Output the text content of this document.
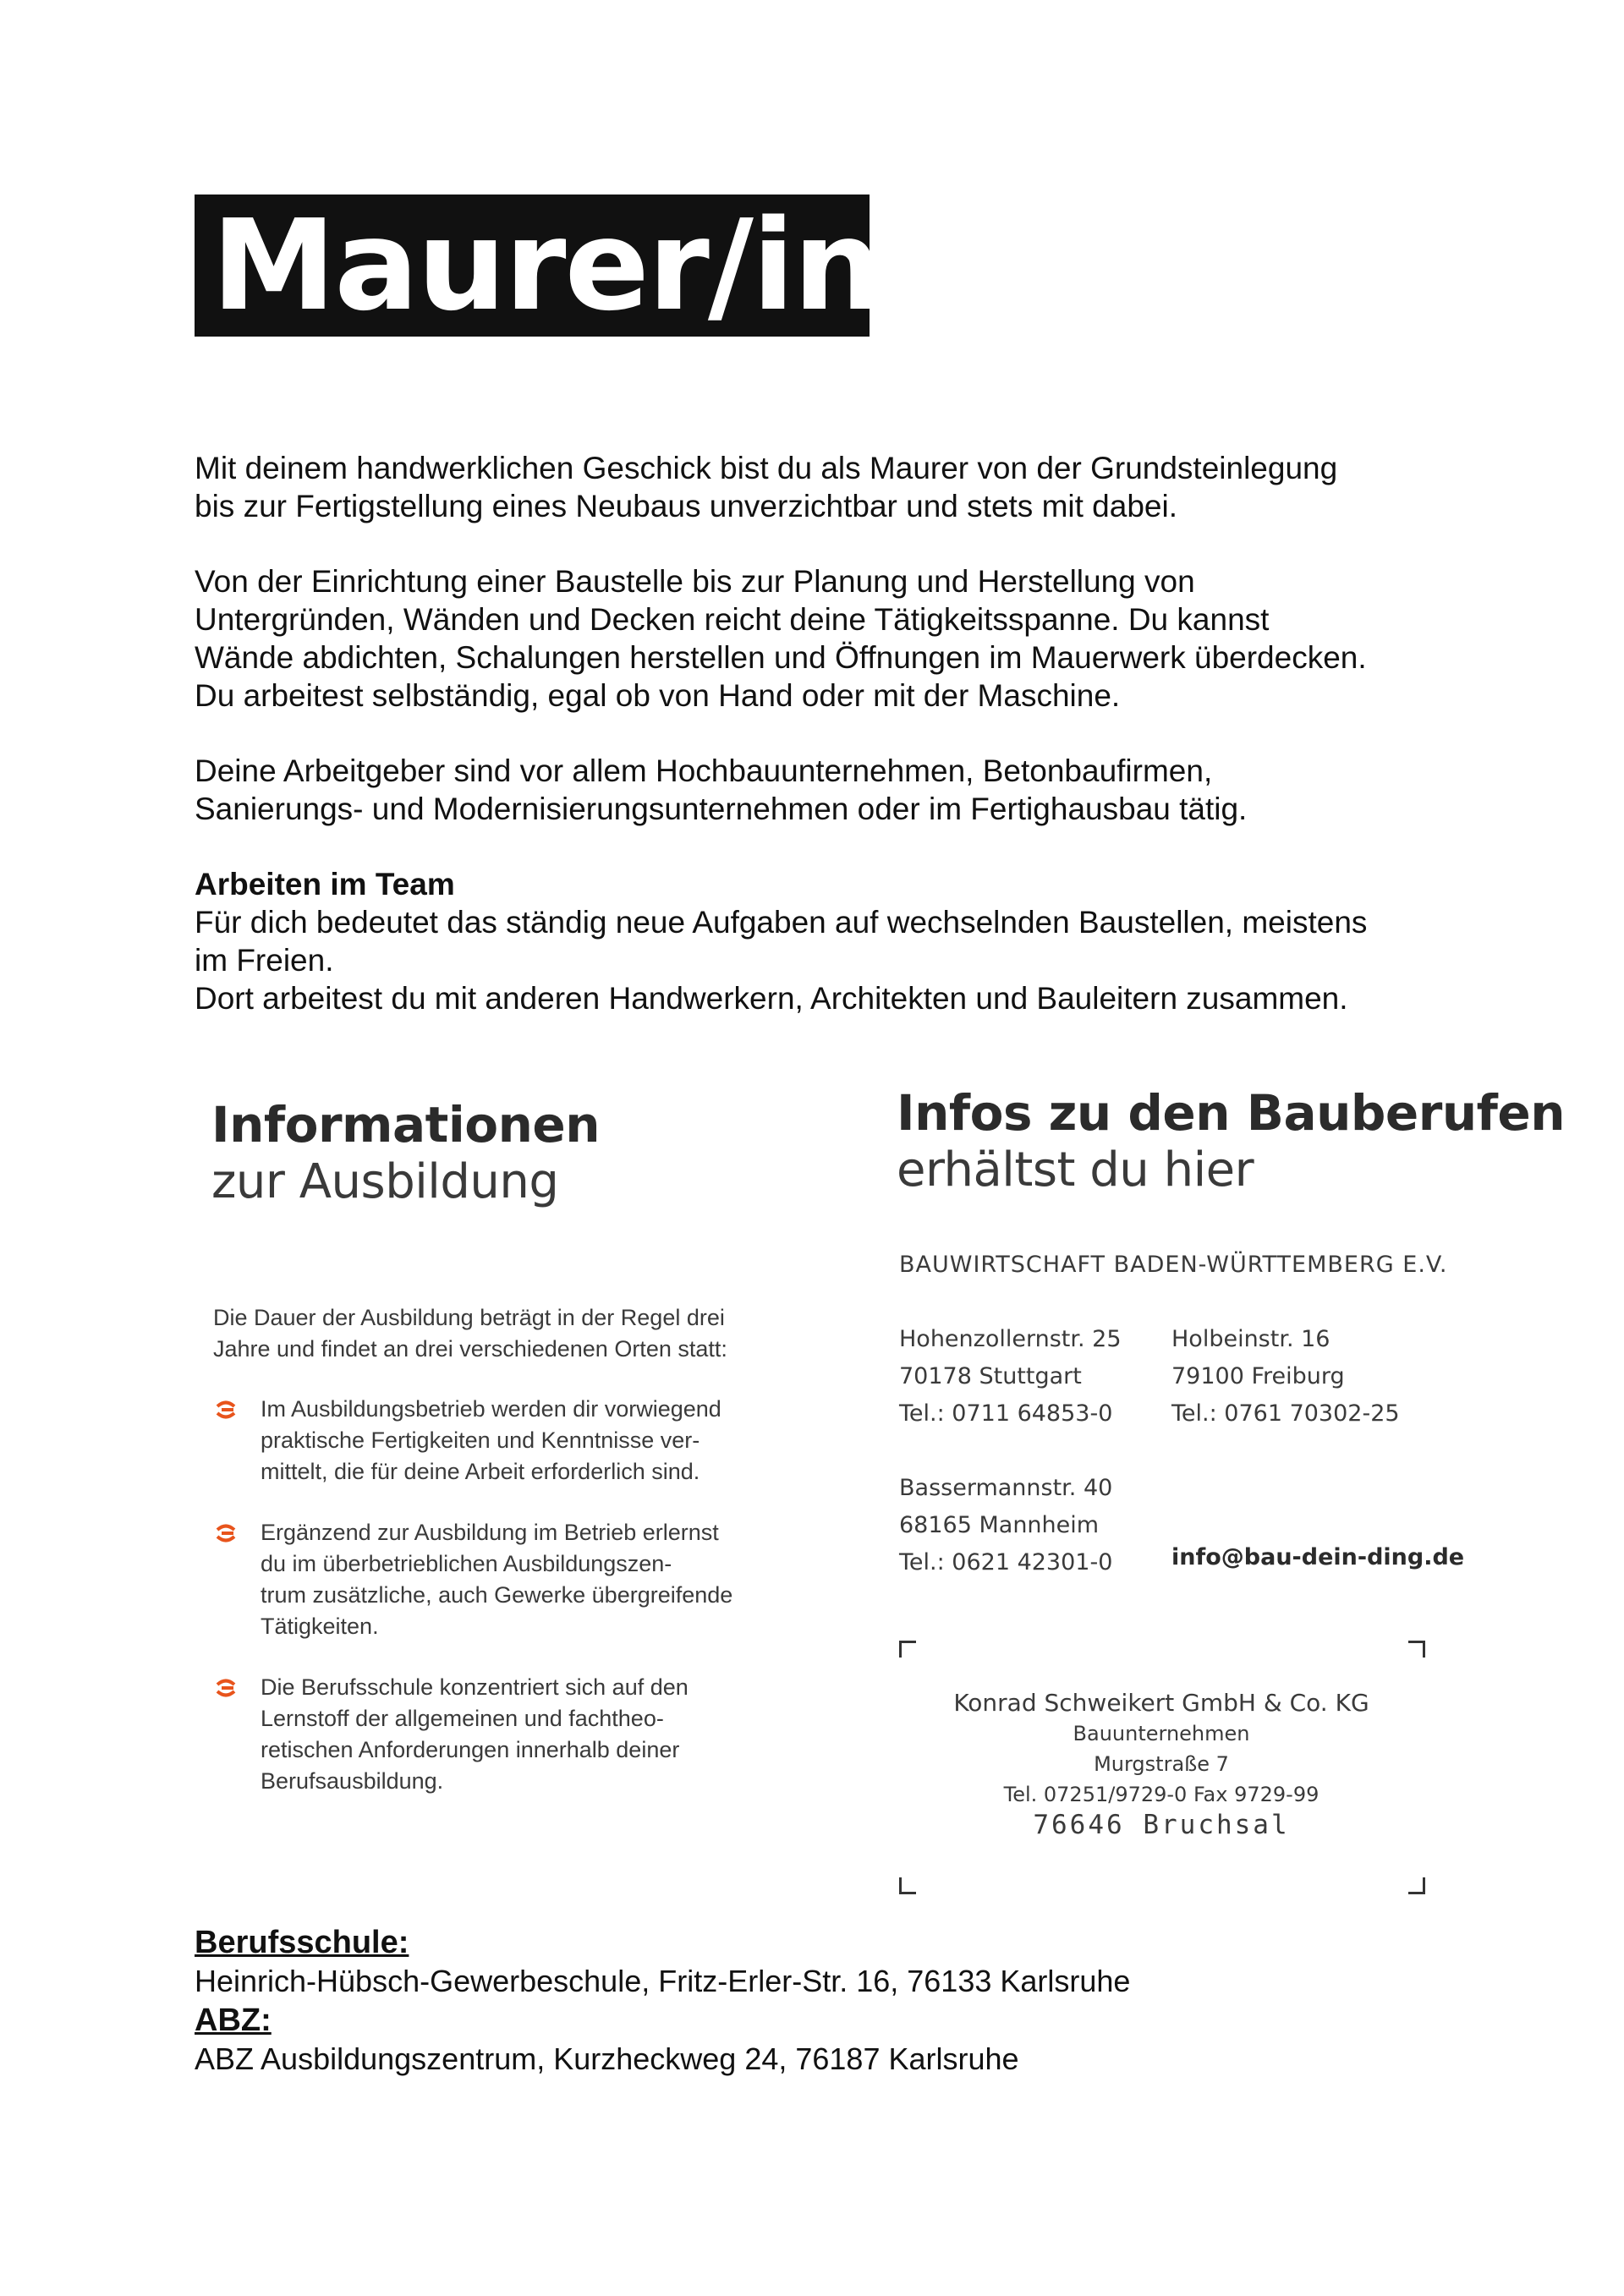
Maurer/in

Mit deinem handwerklichen Geschick bist du als Maurer von der Grundsteinlegung

bis zur Fertigstellung eines Neubaus unverzichtbar und stets mit dabei.

Von der Einrichtung einer Baustelle bis zur Planung und Herstellung von

Untergründen, Wänden und Decken reicht deine Tätigkeitsspanne. Du kannst

Wände abdichten, Schalungen herstellen und Öffnungen im Mauerwerk überdecken.

Du arbeitest selbständig, egal ob von Hand oder mit der Maschine.

Deine Arbeitgeber sind vor allem Hochbauunternehmen, Betonbaufirmen,

Sanierungs- und Modernisierungsunternehmen oder im Fertighausbau tätig.

Arbeiten im Team

Für dich bedeutet das ständig neue Aufgaben auf wechselnden Baustellen, meistens

im Freien.

Dort arbeitest du mit anderen Handwerkern, Architekten und Bauleitern zusammen.

Informationen
zur Ausbildung
Die Dauer der Ausbildung beträgt in der Regel drei
Jahre und findet an drei verschiedenen Orten statt:
Im Ausbildungsbetrieb werden dir vorwiegend
praktische Fertigkeiten und Kenntnisse ver-
mittelt, die für deine Arbeit erforderlich sind.
Ergänzend zur Ausbildung im Betrieb erlernst
du im überbetrieblichen Ausbildungszen-
trum zusätzliche, auch Gewerke übergreifende
Tätigkeiten.
Die Berufsschule konzentriert sich auf den
Lernstoff der allgemeinen und fachtheo-
retischen Anforderungen innerhalb deiner
Berufsausbildung.
Infos zu den Bauberufen
erhältst du hier
BAUWIRTSCHAFT BADEN-WÜRTTEMBERG E.V.
Hohenzollernstr. 25
70178 Stuttgart
Tel.: 0711 64853-0
Holbeinstr. 16
79100 Freiburg
Tel.: 0761 70302-25
Bassermannstr. 40
68165 Mannheim
Tel.: 0621 42301-0	info@bau-dein-ding.de
Konrad Schweikert GmbH & Co. KG
Bauunternehmen
Murgstraße 7
Tel. 07251/9729-0 Fax 9729-99
76646 Bruchsal
Berufsschule:
Heinrich-Hübsch-Gewerbeschule, Fritz-Erler-Str. 16, 76133 Karlsruhe
ABZ:
ABZ Ausbildungszentrum, Kurzheckweg 24, 76187 Karlsruhe
